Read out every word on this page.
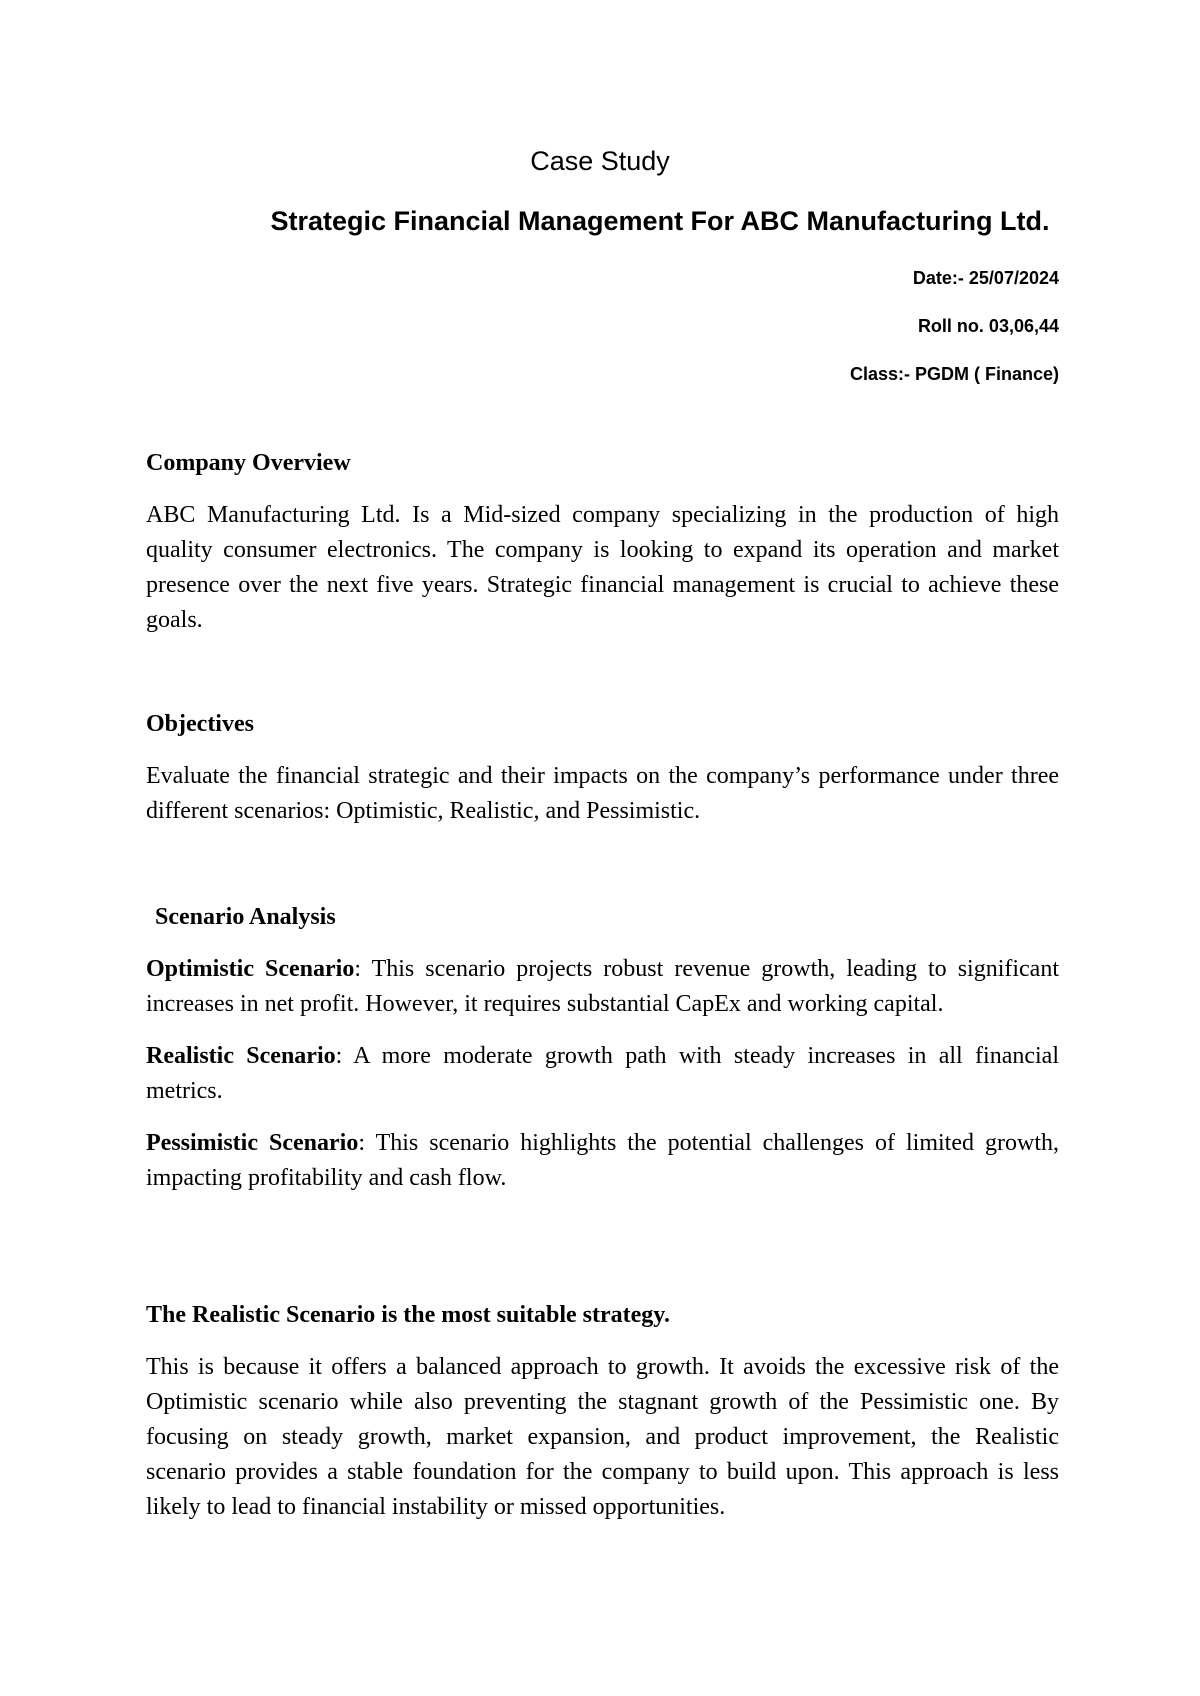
Case Study
Strategic Financial Management For ABC Manufacturing Ltd.
Date:- 25/07/2024
Roll no. 03,06,44
Class:- PGDM ( Finance)

Company Overview

ABC Manufacturing Ltd. Is a Mid-sized company specializing in the production of high quality consumer electronics. The company is looking to expand its operation and market presence over the next five years. Strategic financial management is crucial to achieve these goals.

Objectives

Evaluate the financial strategic and their impacts on the company’s performance under three different scenarios: Optimistic, Realistic, and Pessimistic.

Scenario Analysis

Optimistic Scenario: This scenario projects robust revenue growth, leading to significant increases in net profit. However, it requires substantial CapEx and working capital.

Realistic Scenario: A more moderate growth path with steady increases in all financial metrics.

Pessimistic Scenario: This scenario highlights the potential challenges of limited growth, impacting profitability and cash flow.

The Realistic Scenario is the most suitable strategy.

This is because it offers a balanced approach to growth. It avoids the excessive risk of the Optimistic scenario while also preventing the stagnant growth of the Pessimistic one. By focusing on steady growth, market expansion, and product improvement, the Realistic scenario provides a stable foundation for the company to build upon. This approach is less likely to lead to financial instability or missed opportunities.
